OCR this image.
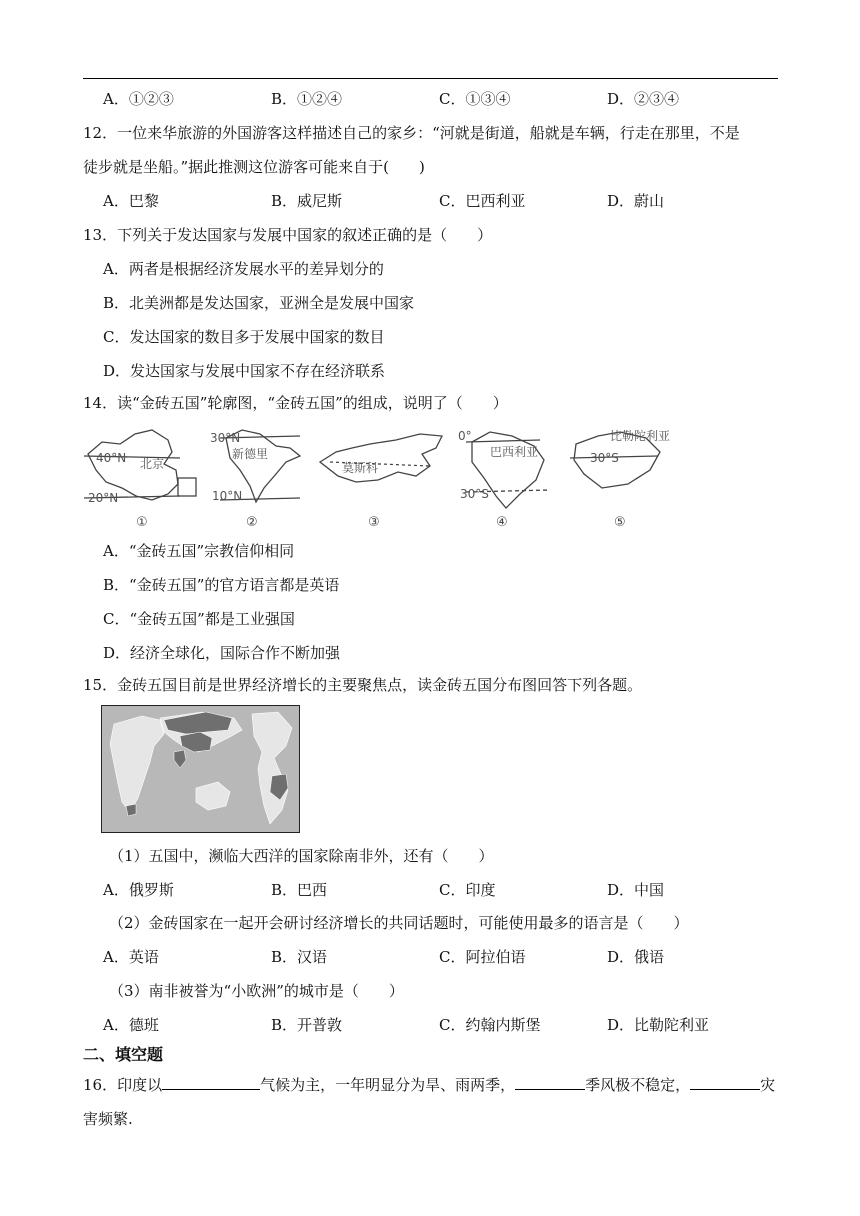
A．①②③	B．①②④	C．①③④	D．②③④
12．一位来华旅游的外国游客这样描述自己的家乡：“河就是街道，船就是车辆，行走在那里，不是
徒步就是坐船。”据此推测这位游客可能来自于(　　)
A．巴黎	B．威尼斯	C．巴西利亚	D．蔚山
13．下列关于发达国家与发展中国家的叙述正确的是（　　）
A．两者是根据经济发展水平的差异划分的
B．北美洲都是发达国家，亚洲全是发展中国家
C．发达国家的数目多于发展中国家的数目
D．发达国家与发展中国家不存在经济联系
14．读“金砖五国”轮廓图，“金砖五国”的组成，说明了（　　）
40°N 北京
20°N
30°N
新德里
10°N
莫斯科
0°
巴西利亚
30°S
比勒陀利亚
30°S
①	②	③	④	⑤
A．“金砖五国”宗教信仰相同
B．“金砖五国”的官方语言都是英语
C．“金砖五国”都是工业强国
D．经济全球化，国际合作不断加强
15．金砖五国目前是世界经济增长的主要聚焦点，读金砖五国分布图回答下列各题。
（1）五国中，濒临大西洋的国家除南非外，还有（　　）
A．俄罗斯	B．巴西	C．印度	D．中国
（2）金砖国家在一起开会研讨经济增长的共同话题时，可能使用最多的语言是（　　）
A．英语	B．汉语	C．阿拉伯语	D．俄语
（3）南非被誉为“小欧洲”的城市是（　　）
A．德班	B．开普敦	C．约翰内斯堡	D．比勒陀利亚
二、填空题
16．印度以	气候为主，一年明显分为旱、雨两季，	季风极不稳定，	灾
害频繁.
